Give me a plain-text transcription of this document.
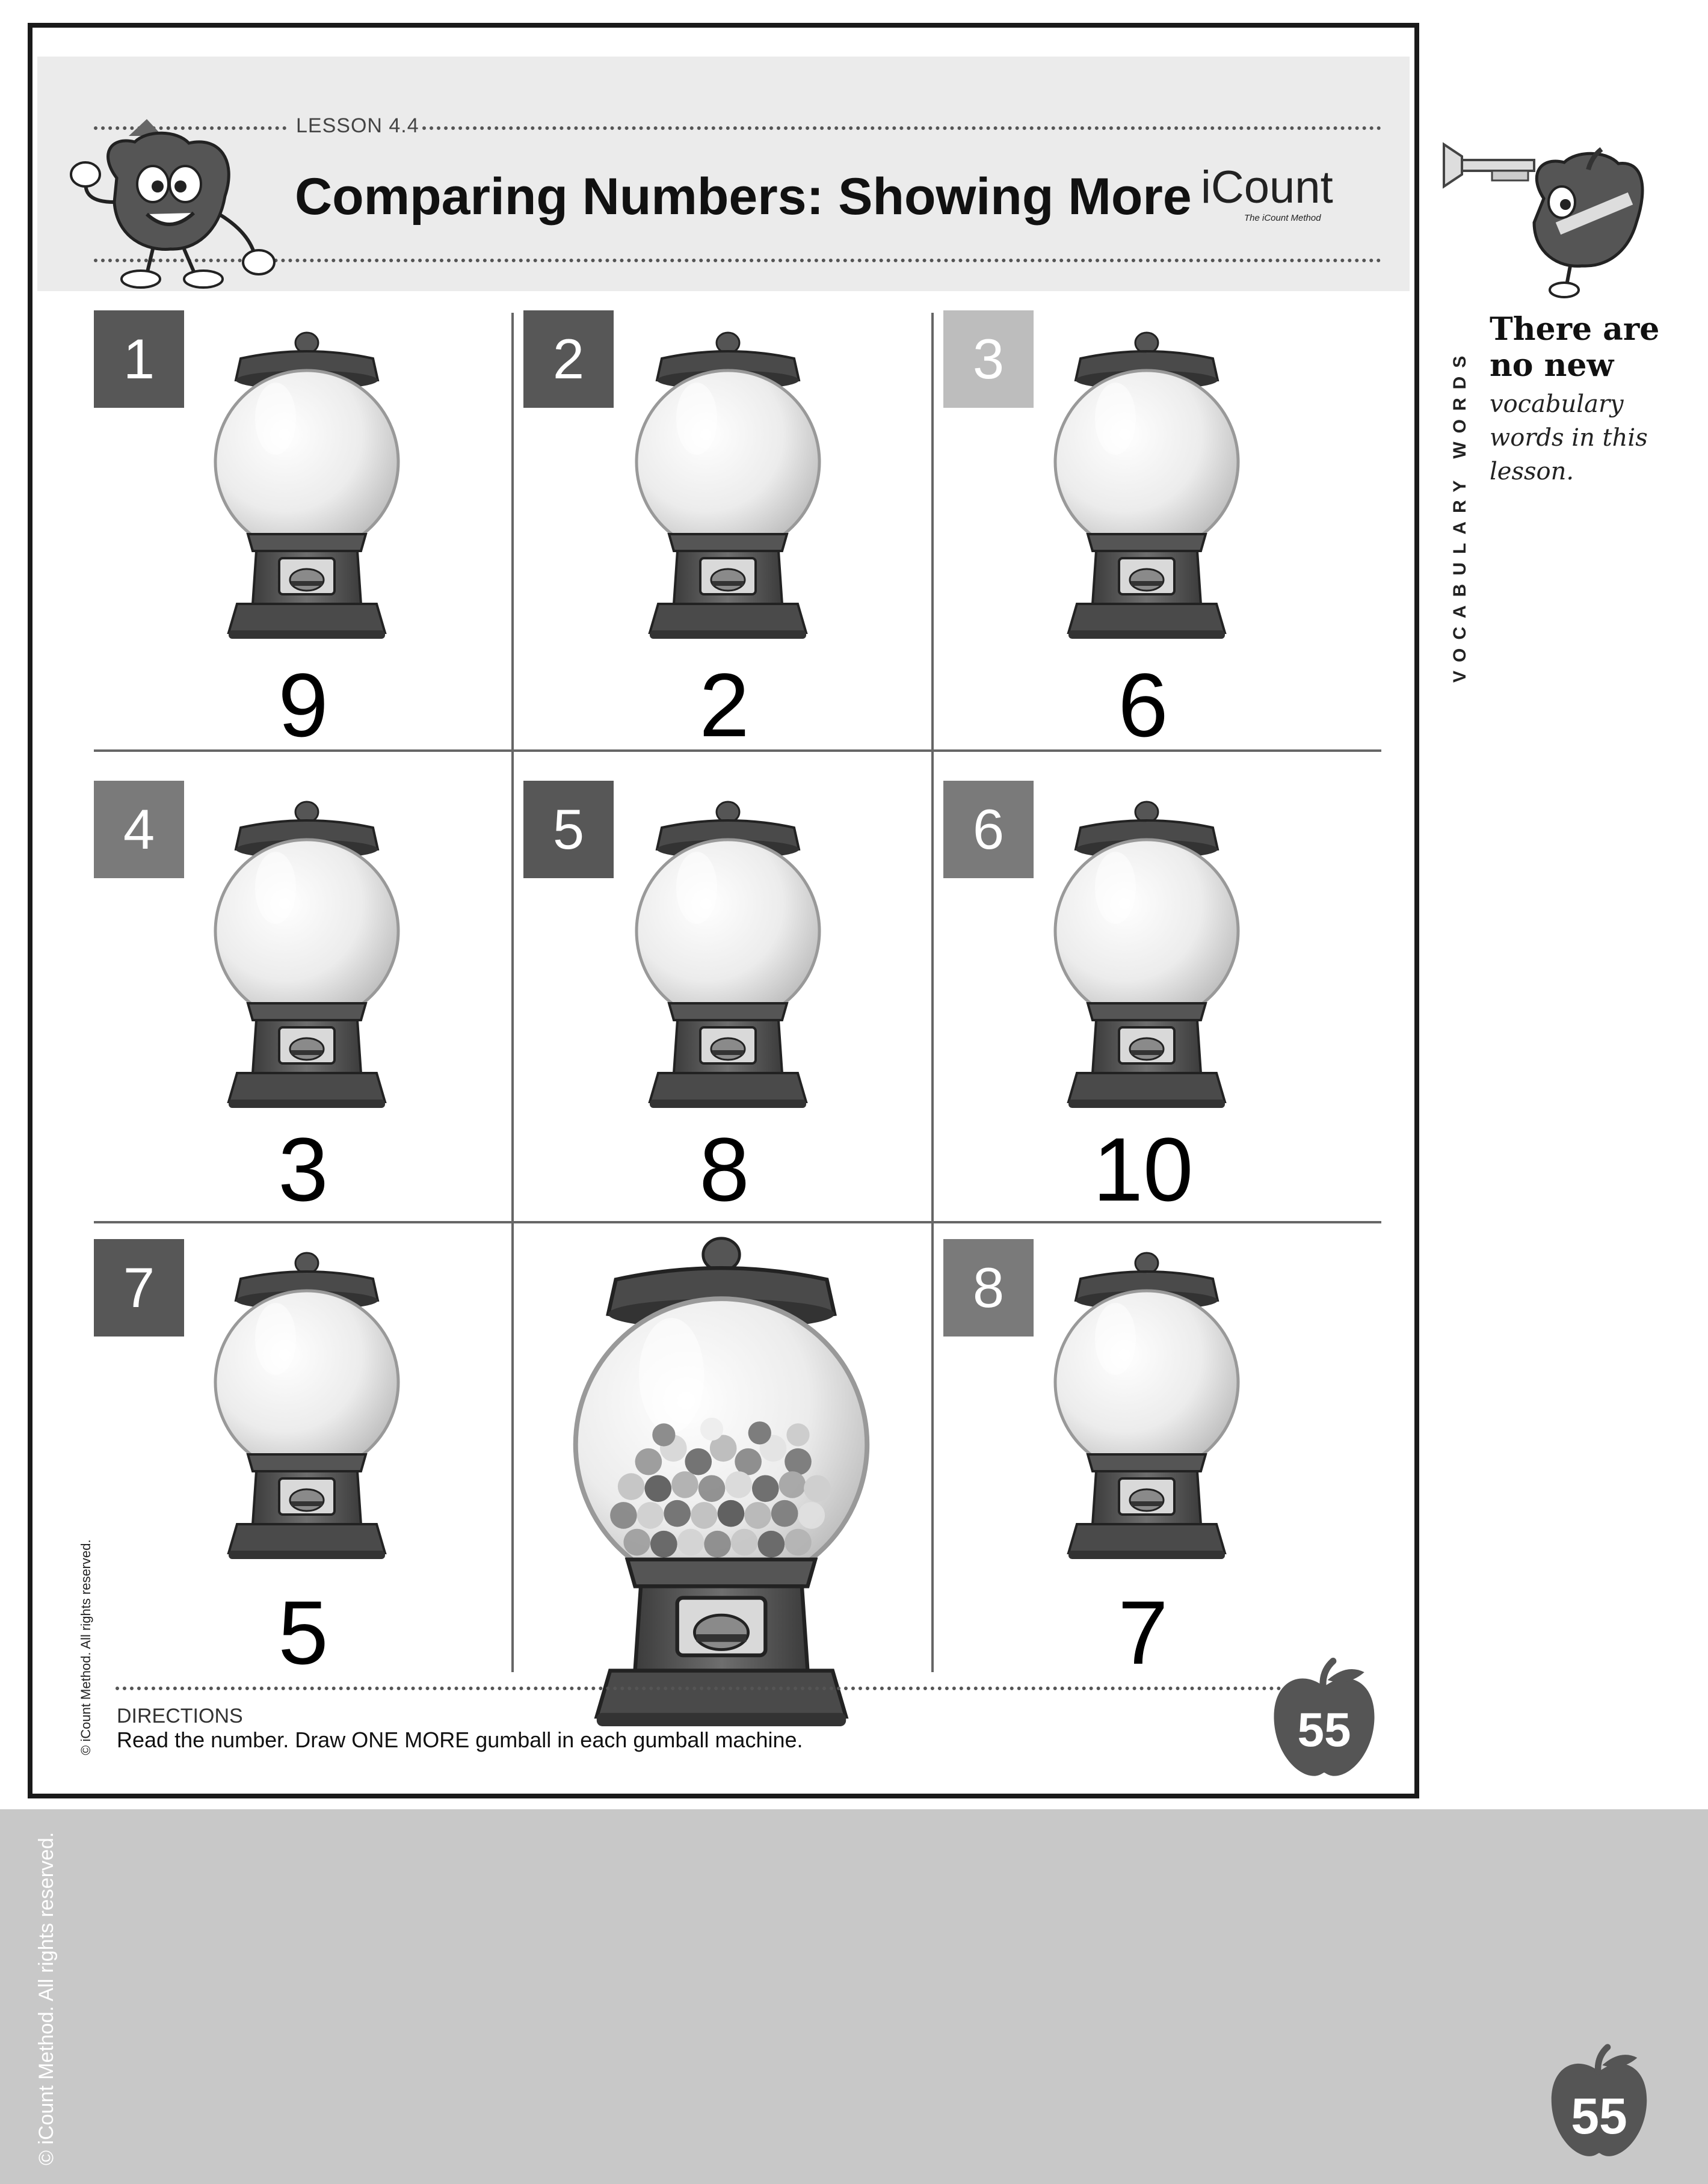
© iCount Method. All rights reserved.	55
LESSON 4.4
Comparing Numbers: Showing More iCount
The iCount Method
1
9
2
2
3
6
4
3
5
8
6
10
7
5
8
7
DIRECTIONS
Read the number. Draw ONE MORE gumball in each gumball machine.
© iCount Method. All rights reserved.	55
VOCABULARY WORDS
There are
no new
vocabulary
words in this
lesson.
